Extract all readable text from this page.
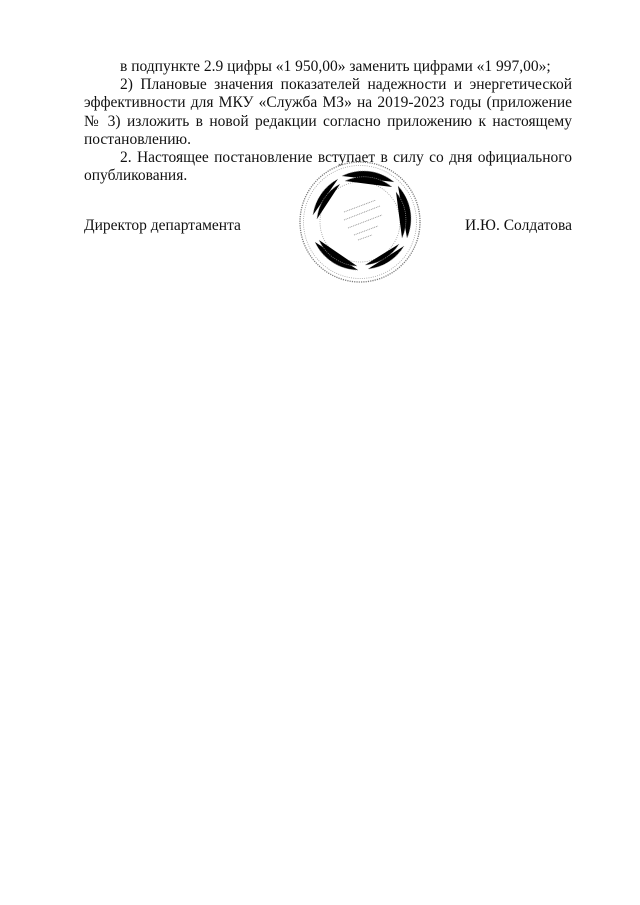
в подпункте 2.9 цифры «1 950,00» заменить цифрами «1 997,00»;

2) Плановые значения показателей надежности и энергетической эффективности для МКУ «Служба МЗ» на 2019-2023 годы (приложение № 3) изложить в новой редакции согласно приложению к настоящему постановлению.

2. Настоящее постановление вступает в силу со дня официального опубликования.

Директор департамента	И.Ю. Солдатова
